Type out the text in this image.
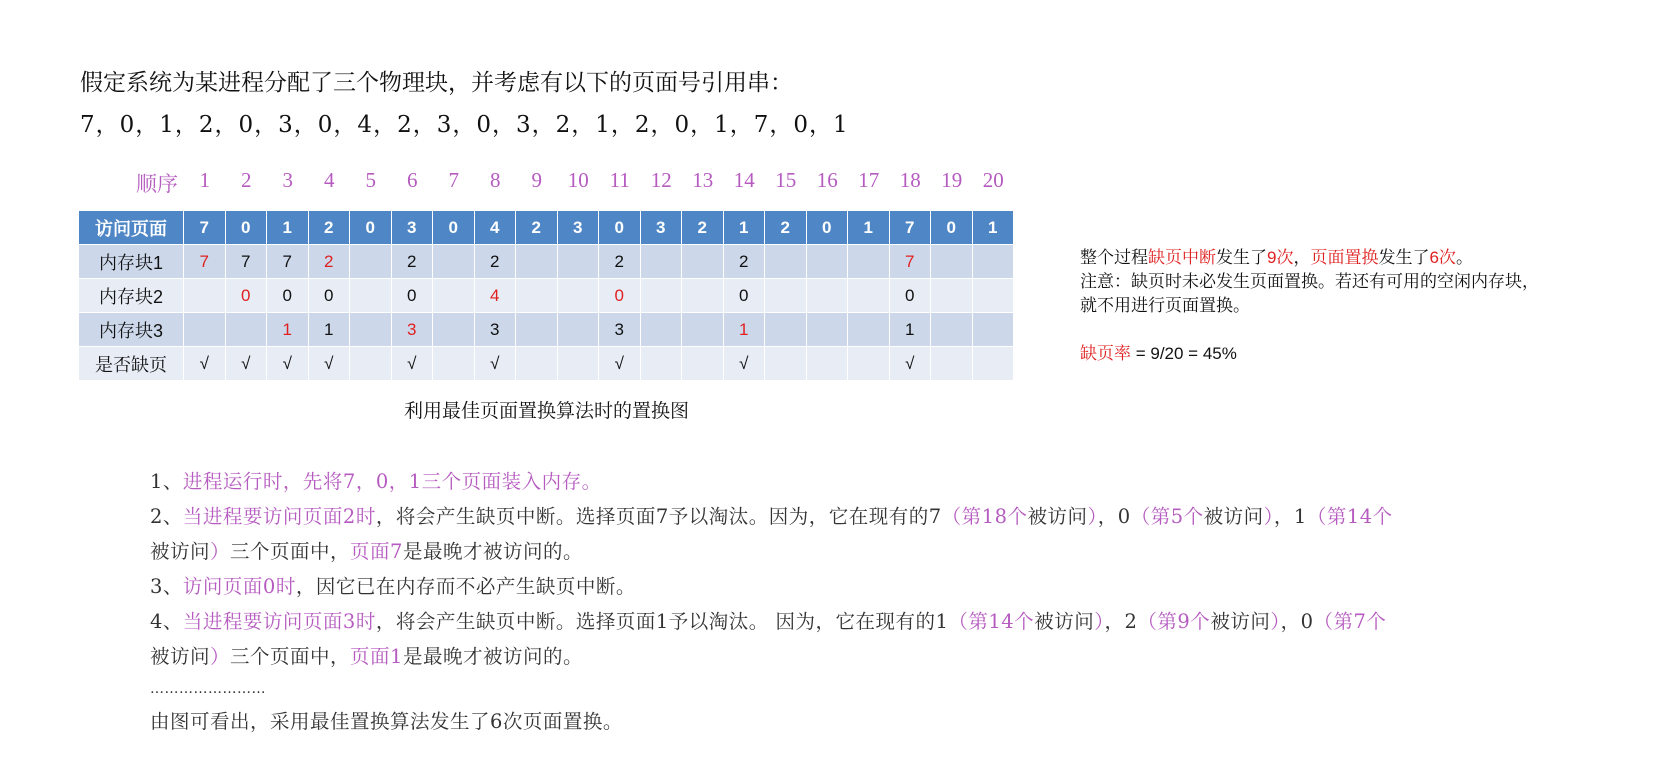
假定系统为某进程分配了三个物理块，并考虑有以下的页面号引用串：
7，0，1，2，0，3，0，4，2，3，0，3，2，1，2，0，1，7，0，1
顺序	1	2	3	4	5	6	7	8	9	10 11 12 13 14 15 16 17 18 19 20
访问页面	7	0	1	2	0	3	0	4	2	3	0	3	2	1	2	0	1	7	0	1
内存块1	7	7	7	2		2		2			2			2				7		
内存块2		0	0	0		0		4			0			0				0		
内存块3			1	1		3		3			3			1				1		
是否缺页	√	√	√	√		√		√			√			√				√		
利用最佳页面置换算法时的置换图
整个过程缺页中断发生了9次，页面置换发生了6次。
注意：缺页时未必发生页面置换。若还有可用的空闲内存块，
就不用进行页面置换。
缺页率 = 9/20 = 45%
1、进程运行时，先将7，0，1三个页面装入内存。
2、当进程要访问页面2时，将会产生缺页中断。选择页面7予以淘汰。因为，它在现有的7（第18个被访问），0（第5个被访问），1（第14个
被访问）三个页面中，页面7是最晚才被访问的。
3、访问页面0时，因它已在内存而不必产生缺页中断。
4、当进程要访问页面3时，将会产生缺页中断。选择页面1予以淘汰。 因为，它在现有的1（第14个被访问），2（第9个被访问），0（第7个
被访问）三个页面中，页面1是最晚才被访问的。
……………………
由图可看出，采用最佳置换算法发生了6次页面置换。
